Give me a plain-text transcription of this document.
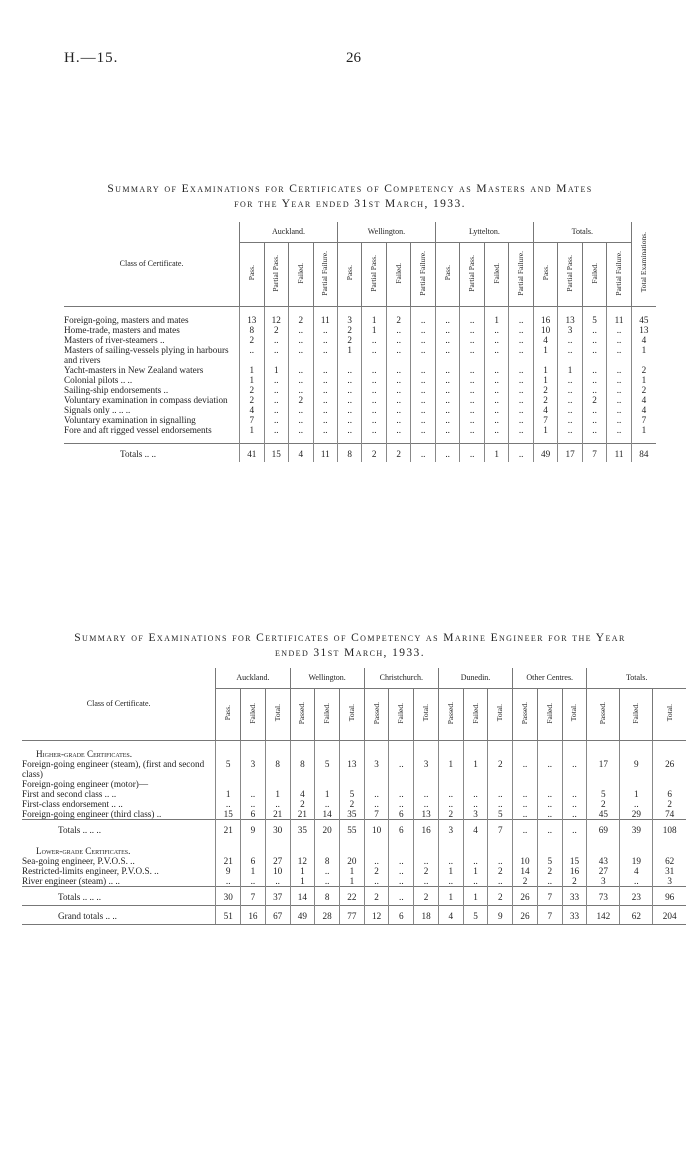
H.—15.	26
Summary of Examinations for Certificates of Competency as Masters and Mates
for the Year ended 31st March, 1933.
Class of Certificate.	Auckland.				Wellington.				Lyttelton.				Totals.				Total Examinations.
	Pass.	Partial Pass.	Failed.	Partial Failure.	Pass.	Partial Pass.	Failed.	Partial Failure.	Pass.	Partial Pass.	Failed.	Partial Failure.	Pass.	Partial Pass.	Failed.	Partial Failure.	

Foreign-going, masters and mates	13	12	2	11	3	1	2	..	..	..	1	..	16	13	5	11	45
Home-trade, masters and mates	8	2	..	..	2	1	..	..	..	..	..	..	10	3	..	..	13
Masters of river-steamers ..	2	..	..	..	2	..	..	..	..	..	..	..	4	..	..	..	4
Masters of sailing-vessels plying in harbours and rivers	..	..	..	..	1	..	..	..	..	..	..	..	1	..	..	..	1
Yacht-masters in New Zealand waters	1	1	..	..	..	..	..	..	..	..	..	..	1	1	..	..	2
Colonial pilots .. ..	1	..	..	..	..	..	..	..	..	..	..	..	1	..	..	..	1
Sailing-ship endorsements ..	2	..	..	..	..	..	..	..	..	..	..	..	2	..	..	..	2
Voluntary examination in compass deviation	2	..	2	..	..	..	..	..	..	..	..	..	2	..	2	..	4
Signals only .. .. ..	4	..	..	..	..	..	..	..	..	..	..	..	4	..	..	..	4
Voluntary examination in signalling	7	..	..	..	..	..	..	..	..	..	..	..	7	..	..	..	7
Fore and aft rigged vessel endorsements	1	..	..	..	..	..	..	..	..	..	..	..	1	..	..	..	1

Totals .. ..	41	15	4	11	8	2	2	..	..	..	1	..	49	17	7	11	84
Summary of Examinations for Certificates of Competency as Marine Engineer for the Year
ended 31st March, 1933.
Class of Certificate.	Auckland.			Wellington.			Christchurch.			Dunedin.			Other Centres.			Totals.		
	Pass.	Failed.	Total.	Passed.	Failed.	Total.	Passed.	Failed.	Total.	Passed.	Failed.	Total.	Passed.	Failed.	Total.	Passed.	Failed.	Total.

Higher-grade Certificates.																		
Foreign-going engineer (steam), (first and second class)	5	3	8	8	5	13	3	..	3	1	1	2	..	..	..	17	9	26
Foreign-going engineer (motor)—																		
First and second class .. ..	1	..	1	4	1	5	..	..	..	..	..	..	..	..	..	5	1	6
First-class endorsement .. ..	..	..	..	2	..	2	..	..	..	..	..	..	..	..	..	2	..	2
Foreign-going engineer (third class) ..	15	6	21	21	14	35	7	6	13	2	3	5	..	..	..	45	29	74
Totals .. .. ..	21	9	30	35	20	55	10	6	16	3	4	7	..	..	..	69	39	108

Lower-grade Certificates.																		
Sea-going engineer, P.V.O.S. ..	21	6	27	12	8	20	..	..	..	..	..	..	10	5	15	43	19	62
Restricted-limits engineer, P.V.O.S. ..	9	1	10	1	..	1	2	..	2	1	1	2	14	2	16	27	4	31
River engineer (steam) .. ..	..	..	..	1	..	1	..	..	..	..	..	..	2	..	2	3	..	3
Totals .. .. ..	30	7	37	14	8	22	2	..	2	1	1	2	26	7	33	73	23	96
Grand totals .. ..	51	16	67	49	28	77	12	6	18	4	5	9	26	7	33	142	62	204
